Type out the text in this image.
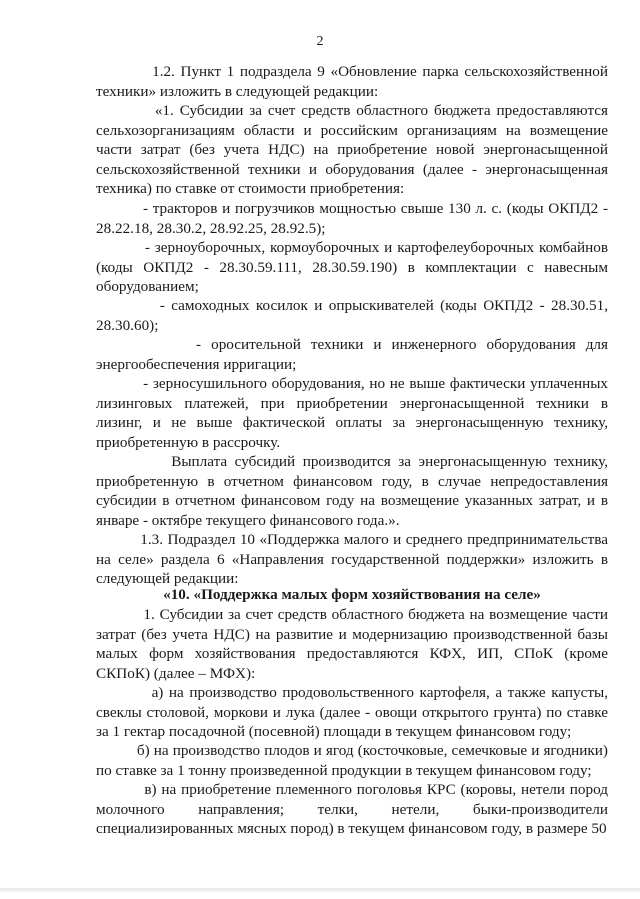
2

1.2. Пункт 1 подраздела 9 «Обновление парка сельскохозяйственной техники» изложить в следующей редакции:

«1. Субсидии за счет средств областного бюджета предоставляются сельхозорганизациям области и российским организациям на возмещение части затрат (без учета НДС) на приобретение новой энергонасыщенной сельскохозяйственной техники и оборудования (далее - энергонасыщенная техника) по ставке от стоимости приобретения:

- тракторов и погрузчиков мощностью свыше 130 л. с. (коды ОКПД2 - 28.22.18, 28.30.2, 28.92.25, 28.92.5);

- зерноуборочных, кормоуборочных и картофелеуборочных комбайнов (коды ОКПД2 - 28.30.59.111, 28.30.59.190) в комплектации с навесным оборудованием;

- самоходных косилок и опрыскивателей (коды ОКПД2 - 28.30.51, 28.30.60);

- оросительной техники и инженерного оборудования для энергообеспечения ирригации;

- зерносушильного оборудования, но не выше фактически уплаченных лизинговых платежей, при приобретении энергонасыщенной техники в лизинг, и не выше фактической оплаты за энергонасыщенную технику, приобретенную в рассрочку.

Выплата субсидий производится за энергонасыщенную технику, приобретенную в отчетном финансовом году, в случае непредоставления субсидии в отчетном финансовом году на возмещение указанных затрат, и в январе - октябре текущего финансового года.».

1.3. Подраздел 10 «Поддержка малого и среднего предпринимательства на селе» раздела 6 «Направления государственной поддержки» изложить в следующей редакции:

«10. «Поддержка малых форм хозяйствования на селе»

1. Субсидии за счет средств областного бюджета на возмещение части затрат (без учета НДС) на развитие и модернизацию производственной базы малых форм хозяйствования предоставляются КФХ, ИП, СПоК (кроме СКПоК) (далее – МФХ):

а) на производство продовольственного картофеля, а также капусты, свеклы столовой, моркови и лука (далее - овощи открытого грунта) по ставке за 1 гектар посадочной (посевной) площади в текущем финансовом году;

б) на производство плодов и ягод (косточковые, семечковые и ягодники) по ставке за 1 тонну произведенной продукции в текущем финансовом году;

в) на приобретение племенного поголовья КРС (коровы, нетели пород молочного направления; телки, нетели, быки-производители специализированных мясных пород) в текущем финансовом году, в размере 50
